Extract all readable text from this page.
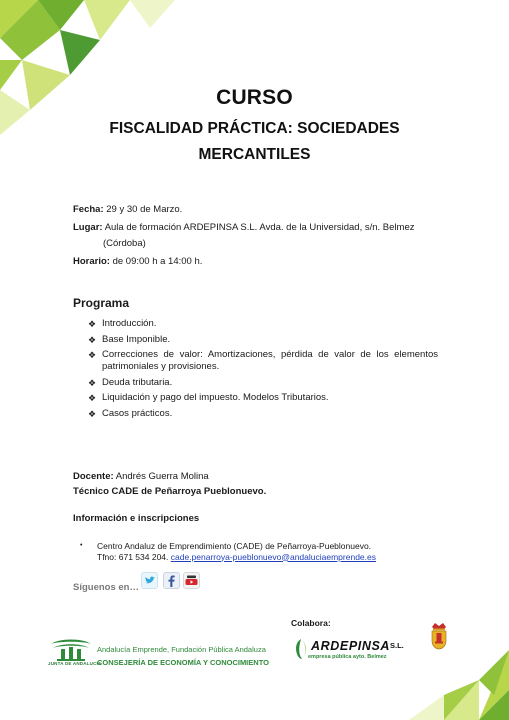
CURSO
FISCALIDAD PRÁCTICA: SOCIEDADES
MERCANTILES
Fecha: 29 y 30 de Marzo.
Lugar: Aula de formación ARDEPINSA S.L. Avda. de la Universidad, s/n. Belmez
(Córdoba)
Horario: de 09:00 h a 14:00 h.
Programa
❖ Introducción.
❖ Base Imponible.
❖ Correcciones de valor: Amortizaciones, pérdida de valor de los elementos patrimoniales y provisiones.
❖ Deuda tributaria.
❖ Liquidación y pago del impuesto. Modelos Tributarios.
❖ Casos prácticos.
Docente: Andrés Guerra Molina
Técnico CADE de Peñarroya Pueblonuevo.
Información e inscripciones
•	Centro Andaluz de Emprendimiento (CADE) de Peñarroya-Pueblonuevo.
Tfno: 671 534 204. cade.penarroya-pueblonuevo@andaluciaemprende.es
Síguenos en…
Colabora:
JUNTA DE ANDALUCIA
Andalucía Emprende, Fundación Pública Andaluza
CONSEJERÍA DE ECONOMÍA Y CONOCIMIENTO
ARDEPINSA S.L.
empresa pública ayto. Belmez
